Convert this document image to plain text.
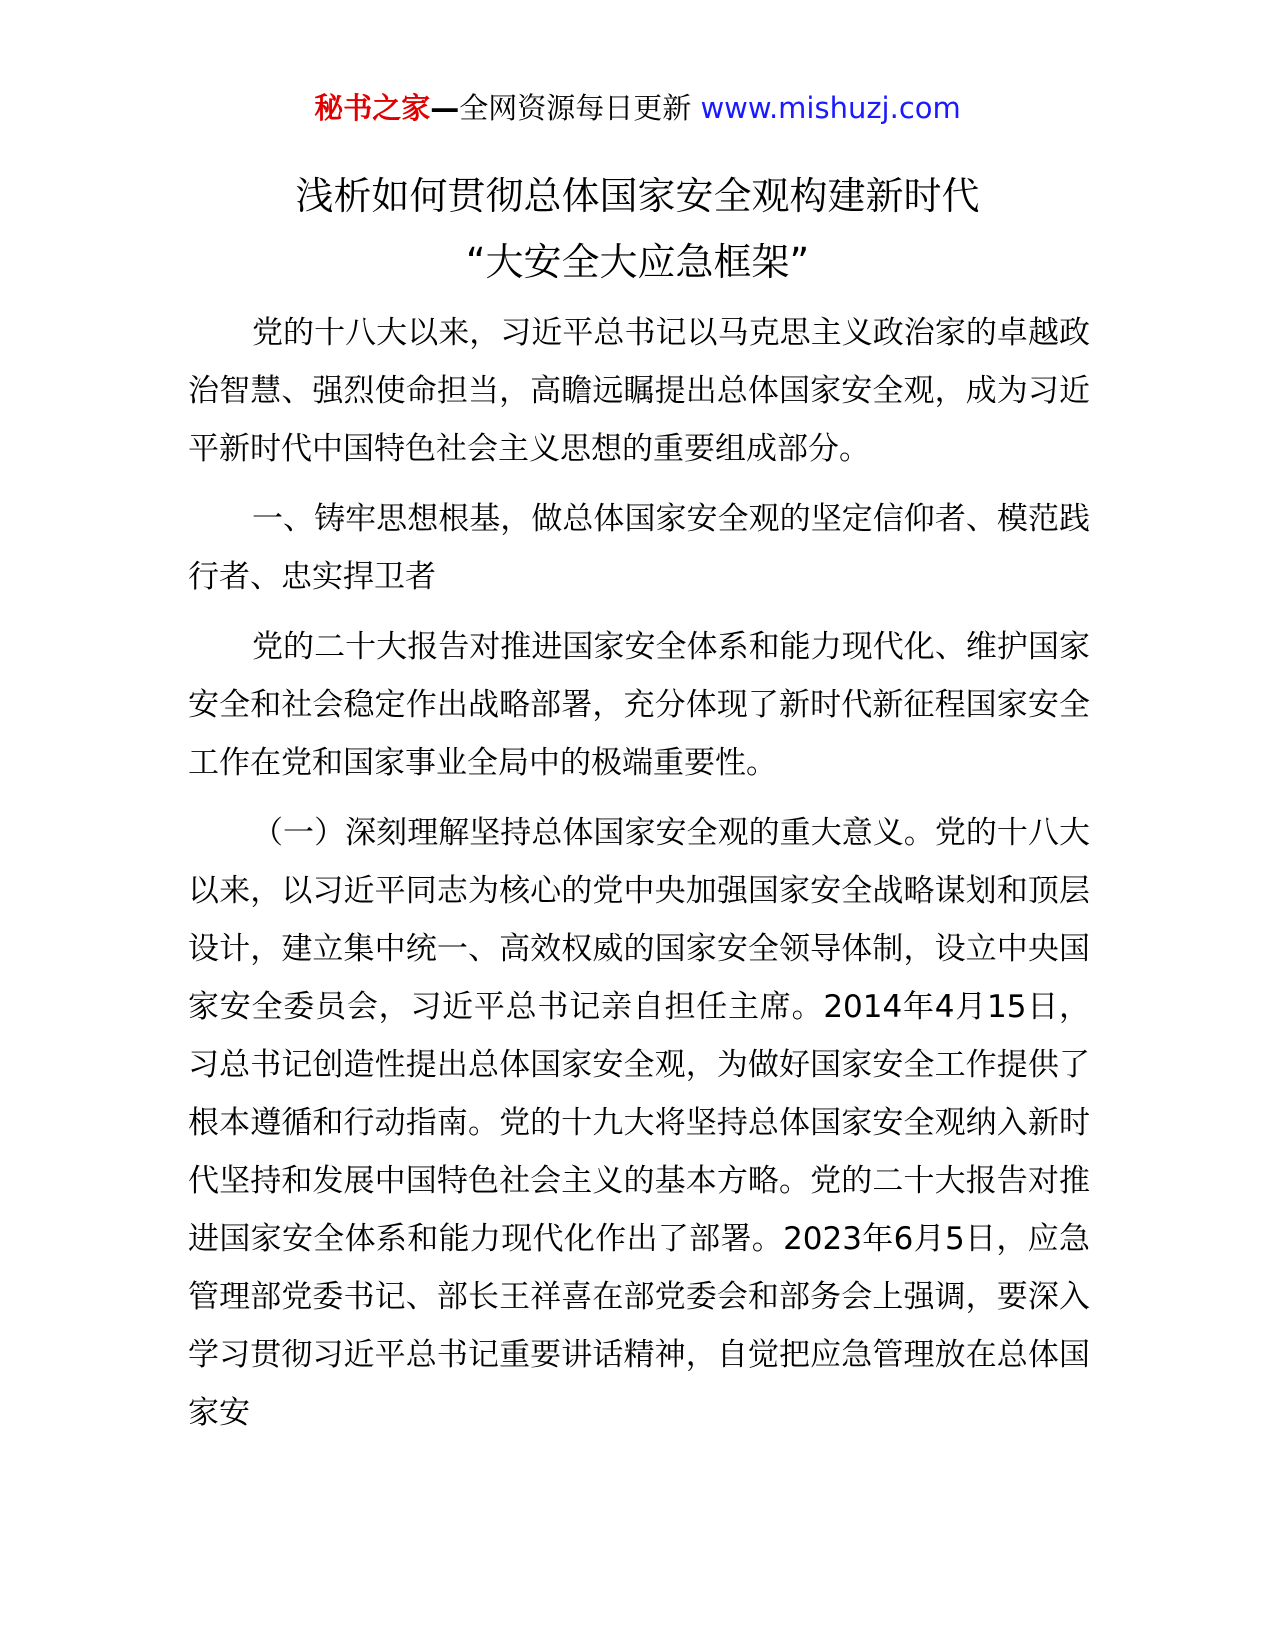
秘书之家—全网资源每日更新 www.mishuzj.com
浅析如何贯彻总体国家安全观构建新时代
“大安全大应急框架”

党的十八大以来，习近平总书记以马克思主义政治家的卓越政治智慧、强烈使命担当，高瞻远瞩提出总体国家安全观，成为习近平新时代中国特色社会主义思想的重要组成部分。

一、铸牢思想根基，做总体国家安全观的坚定信仰者、模范践行者、忠实捍卫者

党的二十大报告对推进国家安全体系和能力现代化、维护国家安全和社会稳定作出战略部署，充分体现了新时代新征程国家安全工作在党和国家事业全局中的极端重要性。

（一）深刻理解坚持总体国家安全观的重大意义。党的十八大以来，以习近平同志为核心的党中央加强国家安全战略谋划和顶层设计，建立集中统一、高效权威的国家安全领导体制，设立中央国家安全委员会，习近平总书记亲自担任主席。2014年4月15日，习总书记创造性提出总体国家安全观，为做好国家安全工作提供了根本遵循和行动指南。党的十九大将坚持总体国家安全观纳入新时代坚持和发展中国特色社会主义的基本方略。党的二十大报告对推进国家安全体系和能力现代化作出了部署。2023年6月5日，应急管理部党委书记、部长王祥喜在部党委会和部务会上强调，要深入学习贯彻习近平总书记重要讲话精神，自觉把应急管理放在总体国家安
